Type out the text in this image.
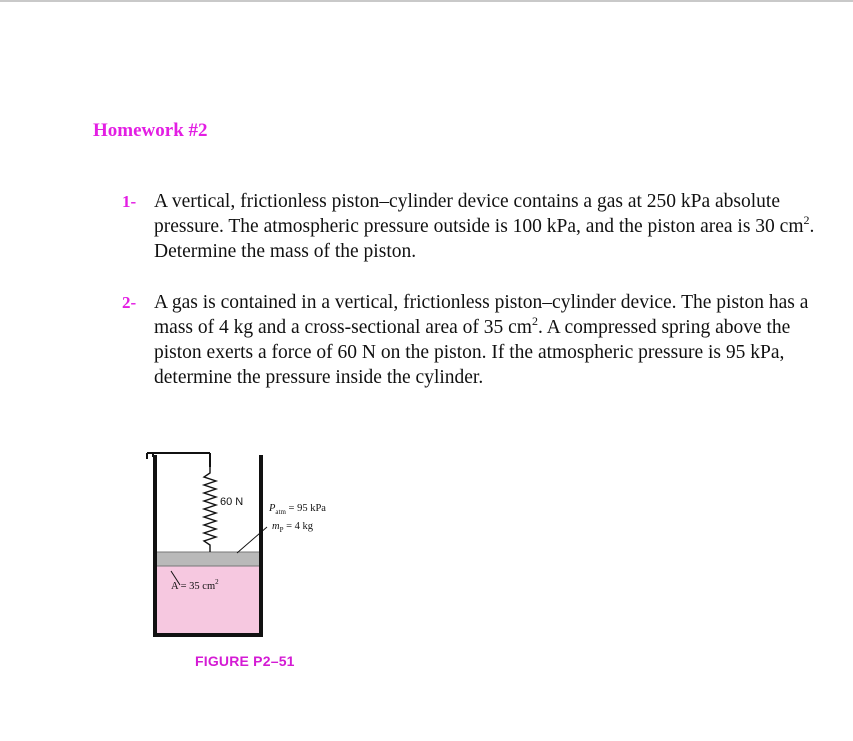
Homework #2
1- A vertical, frictionless piston–cylinder device contains a gas at 250 kPa absolute pressure. The atmospheric pressure outside is 100 kPa, and the piston area is 30 $cm^2$. Determine the mass of the piston.
2- A gas is contained in a vertical, frictionless piston–cylinder device. The piston has a mass of 4 kg and a cross-sectional area of 35 $cm^2$. A compressed spring above the piston exerts a force of 60 N on the piston. If the atmospheric pressure is 95 kPa, determine the pressure inside the cylinder.
60 N
$P_{atm} = 95$ kPa
$m_P = 4$ kg
A = 35 $cm^2$
FIGURE P2–51
